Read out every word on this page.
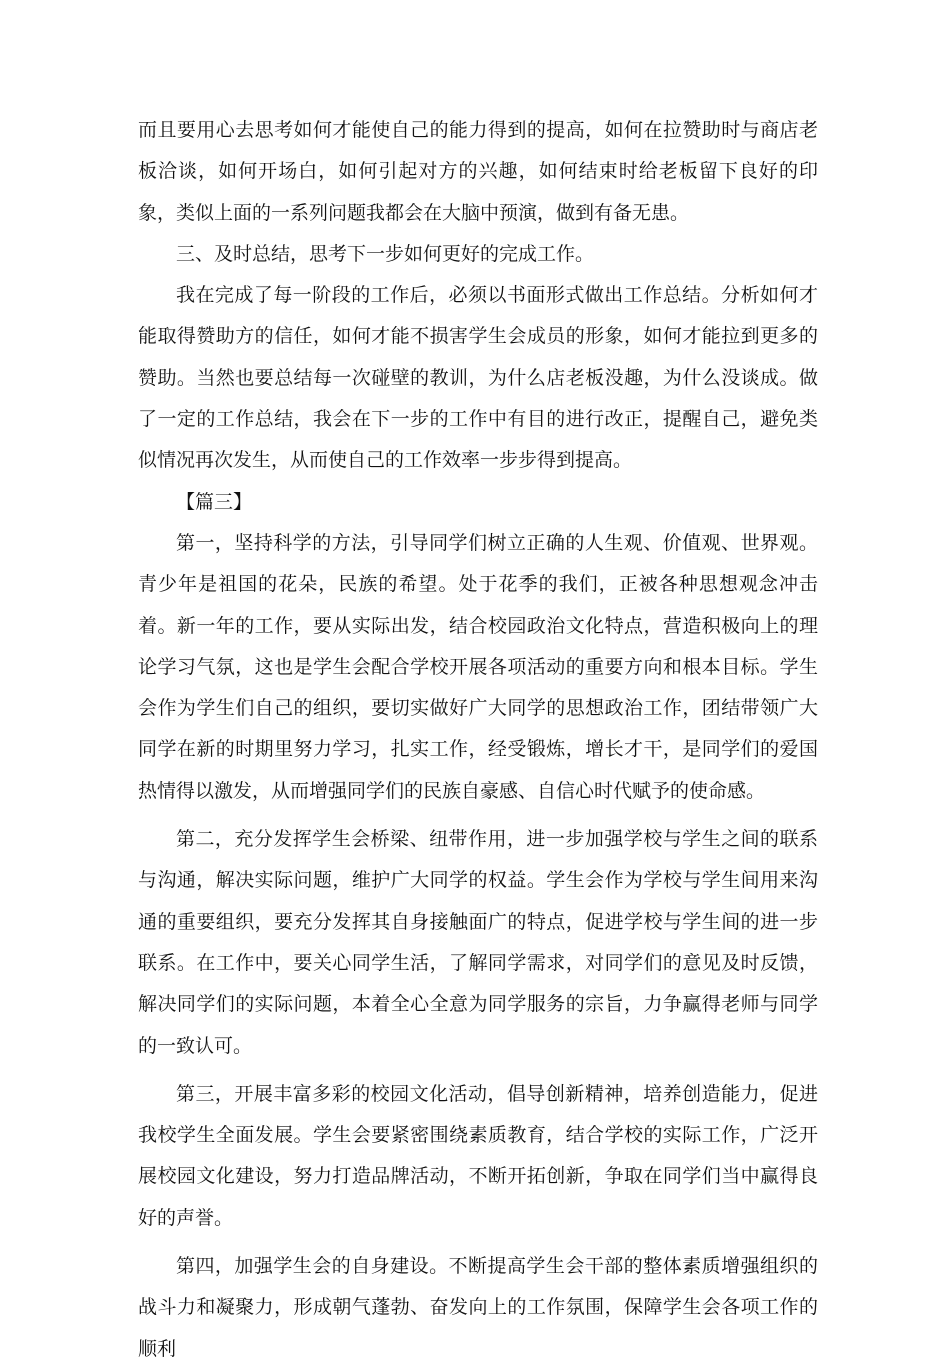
而且要用心去思考如何才能使自己的能力得到的提高，如何在拉赞助时与商店老板洽谈，如何开场白，如何引起对方的兴趣，如何结束时给老板留下良好的印象，类似上面的一系列问题我都会在大脑中预演，做到有备无患。

三、及时总结，思考下一步如何更好的完成工作。

我在完成了每一阶段的工作后，必须以书面形式做出工作总结。分析如何才能取得赞助方的信任，如何才能不损害学生会成员的形象，如何才能拉到更多的赞助。当然也要总结每一次碰壁的教训，为什么店老板没趣，为什么没谈成。做了一定的工作总结，我会在下一步的工作中有目的进行改正，提醒自己，避免类似情况再次发生，从而使自己的工作效率一步步得到提高。

【篇三】

第一，坚持科学的方法，引导同学们树立正确的人生观、价值观、世界观。青少年是祖国的花朵，民族的希望。处于花季的我们，正被各种思想观念冲击着。新一年的工作，要从实际出发，结合校园政治文化特点，营造积极向上的理论学习气氛，这也是学生会配合学校开展各项活动的重要方向和根本目标。学生会作为学生们自己的组织，要切实做好广大同学的思想政治工作，团结带领广大同学在新的时期里努力学习，扎实工作，经受锻炼，增长才干，是同学们的爱国热情得以激发，从而增强同学们的民族自豪感、自信心时代赋予的使命感。

第二，充分发挥学生会桥梁、纽带作用，进一步加强学校与学生之间的联系与沟通，解决实际问题，维护广大同学的权益。学生会作为学校与学生间用来沟通的重要组织，要充分发挥其自身接触面广的特点，促进学校与学生间的进一步联系。在工作中，要关心同学生活，了解同学需求，对同学们的意见及时反馈，解决同学们的实际问题，本着全心全意为同学服务的宗旨，力争赢得老师与同学的一致认可。

第三，开展丰富多彩的校园文化活动，倡导创新精神，培养创造能力，促进我校学生全面发展。学生会要紧密围绕素质教育，结合学校的实际工作，广泛开展校园文化建设，努力打造品牌活动，不断开拓创新，争取在同学们当中赢得良好的声誉。

第四，加强学生会的自身建设。不断提高学生会干部的整体素质增强组织的战斗力和凝聚力，形成朝气蓬勃、奋发向上的工作氛围，保障学生会各项工作的顺利
